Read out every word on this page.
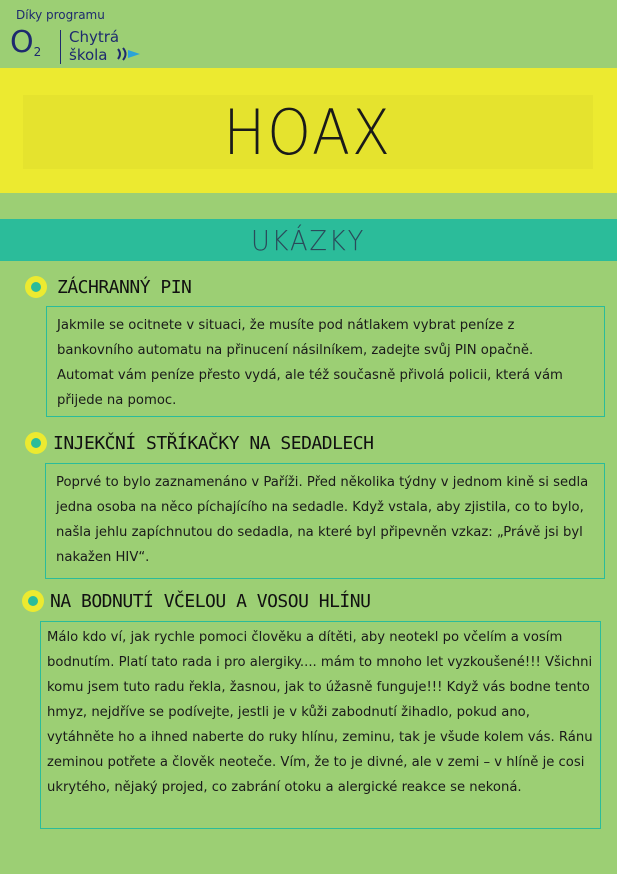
Díky programu
$O_2$
Chytrá
škola
HOAX
UKÁZKY
ZÁCHRANNÝ PIN

Jakmile se ocitnete v situaci, že musíte pod nátlakem vybrat peníze z bankovního automatu na přinucení násilníkem, zadejte svůj PIN opačně. Automat vám peníze přesto vydá, ale též současně přivolá policii, která vám přijede na pomoc.

INJEKČNÍ STŘÍKAČKY NA SEDADLECH

Poprvé to bylo zaznamenáno v Paříži. Před několika týdny v jednom kině si sedla jedna osoba na něco píchajícího na sedadle. Když vstala, aby zjistila, co to bylo, našla jehlu zapíchnutou do sedadla, na které byl připevněn vzkaz: „Právě jsi byl nakažen HIV“.

NA BODNUTÍ VČELOU A VOSOU HLÍNU

Málo kdo ví, jak rychle pomoci člověku a dítěti, aby neotekl po včelím a vosím bodnutím. Platí tato rada i pro alergiky.... mám to mnoho let vyzkoušené!!! Všichni komu jsem tuto radu řekla, žasnou, jak to úžasně funguje!!! Když vás bodne tento hmyz, nejdříve se podívejte, jestli je v kůži zabodnutí žihadlo, pokud ano, vytáhněte ho a ihned naberte do ruky hlínu, zeminu, tak je všude kolem vás. Ránu zeminou potřete a člověk neoteče. Vím, že to je divné, ale v zemi – v hlíně je cosi ukrytého, nějaký projed, co zabrání otoku a alergické reakce se nekoná.
